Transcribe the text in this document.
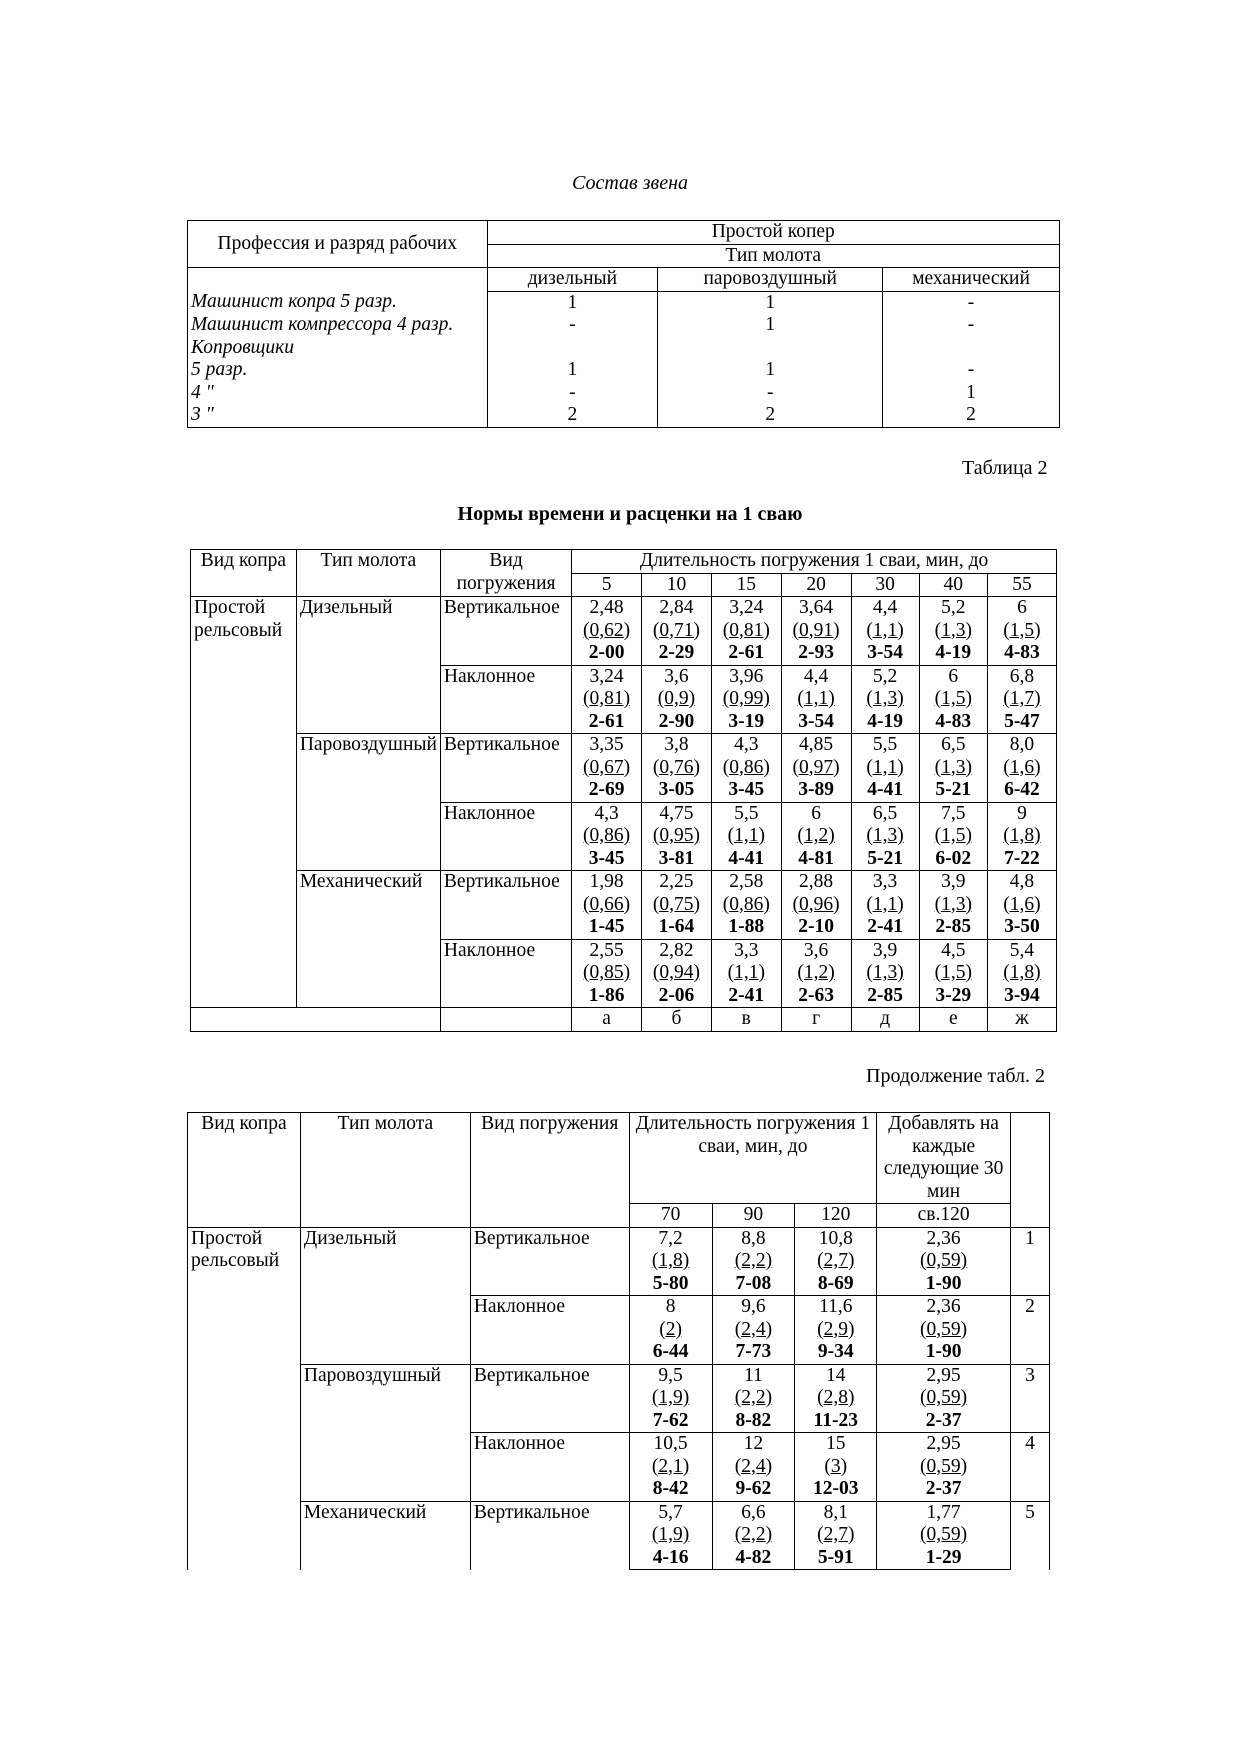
Состав звена
Профессия и разряд рабочих	Простой копер		
	Тип молота		
	дизельный	паровоздушный	механический
Машинист копра 5 разр.	1	1	-
Машинист компрессора 4 разр.	-	1	-
Копровщики			
5 разр.	1	1	-
4 "	-	-	1
3 "	2	2	2
Таблица 2
Нормы времени и расценки на 1 сваю
Вид копра	Тип молота	Вид погружения	Длительность погружения 1 сваи, мин, до						
			5	10	15	20	30	40	55
Простой рельсовый	Дизельный	Вертикальное	2,48
(0,62)
2-00	2,84
(0,71)
2-29	3,24
(0,81)
2-61	3,64
(0,91)
2-93	4,4
(1,1)
3-54	5,2
(1,3)
4-19	6
(1,5)
4-83

		Наклонное	3,24
(0,81)
2-61	3,6
(0,9)
2-90	3,96
(0,99)
3-19	4,4
(1,1)
3-54	5,2
(1,3)
4-19	6
(1,5)
4-83	6,8
(1,7)
5-47

	Паровоздушный	Вертикальное	3,35
(0,67)
2-69	3,8
(0,76)
3-05	4,3
(0,86)
3-45	4,85
(0,97)
3-89	5,5
(1,1)
4-41	6,5
(1,3)
5-21	8,0
(1,6)
6-42

		Наклонное	4,3
(0,86)
3-45	4,75
(0,95)
3-81	5,5
(1,1)
4-41	6
(1,2)
4-81	6,5
(1,3)
5-21	7,5
(1,5)
6-02	9
(1,8)
7-22

	Механический	Вертикальное	1,98
(0,66)
1-45	2,25
(0,75)
1-64	2,58
(0,86)
1-88	2,88
(0,96)
2-10	3,3
(1,1)
2-41	3,9
(1,3)
2-85	4,8
(1,6)
3-50

		Наклонное	2,55
(0,85)
1-86	2,82
(0,94)
2-06	3,3
(1,1)
2-41	3,6
(1,2)
2-63	3,9
(1,3)
2-85	4,5
(1,5)
3-29	5,4
(1,8)
3-94

			а	б	в	г	д	е	ж
Продолжение табл. 2
Вид копра	Тип молота	Вид погружения	Длительность погружения 1 сваи, мин, до			Добавлять на каждые следующие 30 мин	
			70	90	120	св.120	
Простой рельсовый	Дизельный	Вертикальное	7,2
(1,8)
5-80	8,8
(2,2)
7-08	10,8
(2,7)
8-69	2,36
(0,59)
1-90	1
		Наклонное	8
(2)
6-44	9,6
(2,4)
7-73	11,6
(2,9)
9-34	2,36
(0,59)
1-90	2
	Паровоздушный	Вертикальное	9,5
(1,9)
7-62	11
(2,2)
8-82	14
(2,8)
11-23	2,95
(0,59)
2-37	3
		Наклонное	10,5
(2,1)
8-42	12
(2,4)
9-62	15
(3)
12-03	2,95
(0,59)
2-37	4
	Механический	Вертикальное	5,7
(1,9)
4-16	6,6
(2,2)
4-82	8,1
(2,7)
5-91	1,77
(0,59)
1-29	5
